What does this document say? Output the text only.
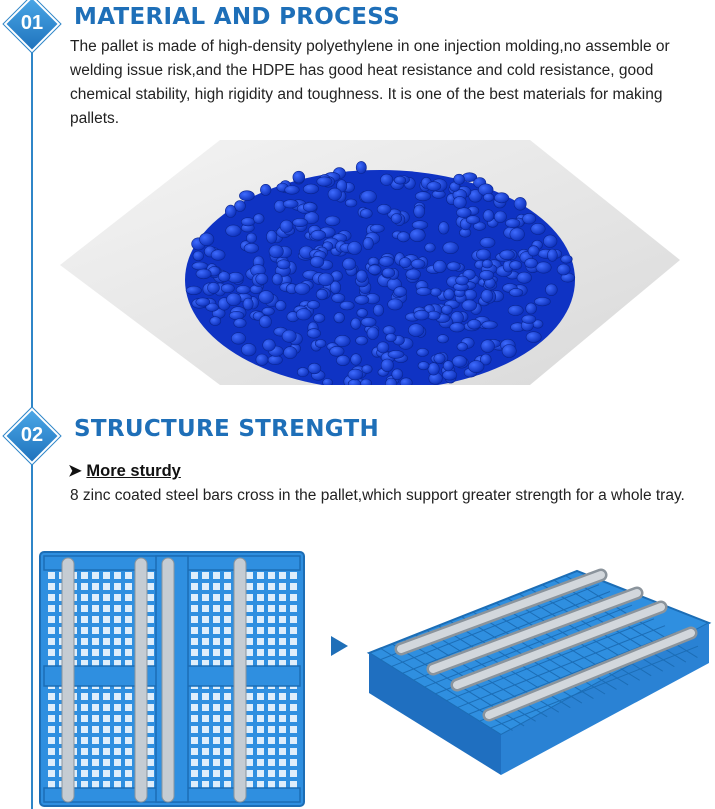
01	MATERIAL AND PROCESS

The pallet is made of high-density polyethylene in one injection molding,no assemble or welding issue risk,and the HDPE has good heat resistance and cold resistance, good chemical stability, high rigidity and toughness. It is one of the best materials for making pallets.

02	STRUCTURE STRENGTH
➤ More sturdy

8 zinc coated steel bars cross in the pallet,which support greater strength for a whole tray.
